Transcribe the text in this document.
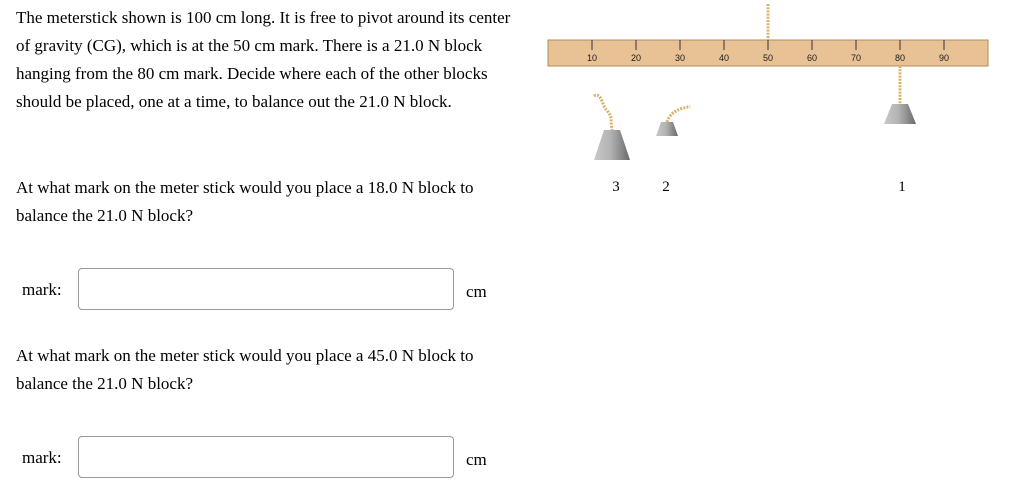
The meterstick shown is 100 cm long. It is free to pivot around its center of gravity (CG), which is at the 50 cm mark. There is a 21.0 N block hanging from the 80 cm mark. Decide where each of the other blocks should be placed, one at a time, to balance out the 21.0 N block.

At what mark on the meter stick would you place a 18.0 N block to balance the 21.0 N block?

mark:	cm

At what mark on the meter stick would you place a 45.0 N block to balance the 21.0 N block?

mark:	cm
10	20	30	40	50	60	70	80	90
3	2	1
